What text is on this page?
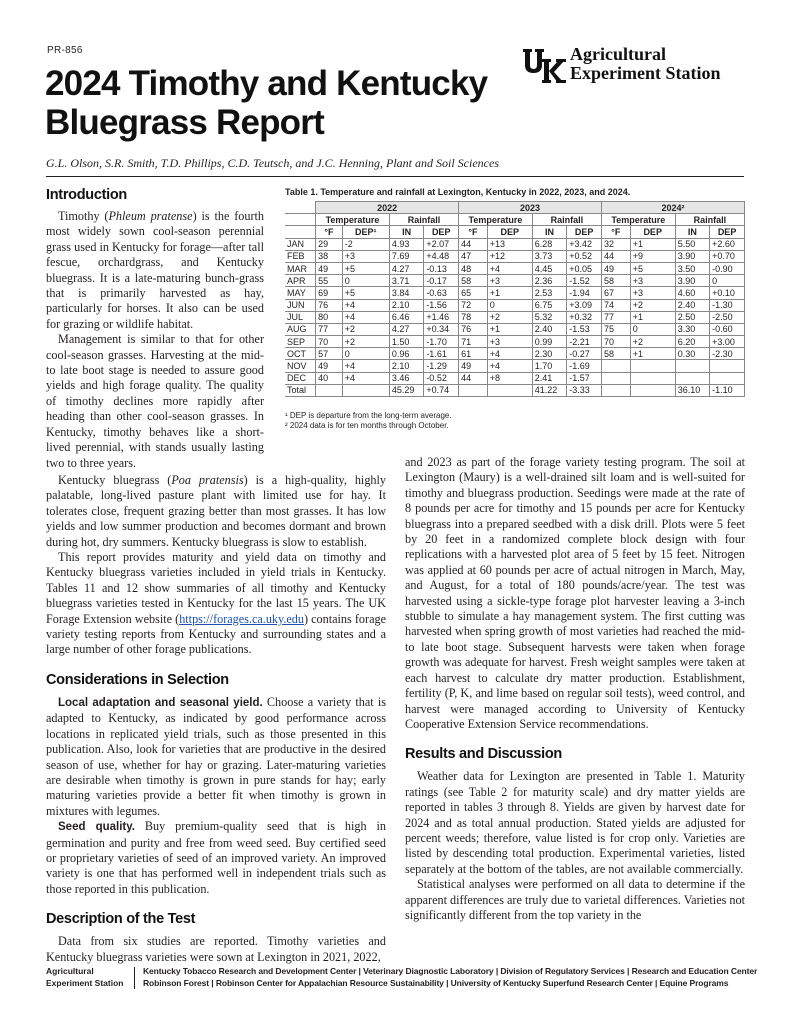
PR-856
2024 Timothy and Kentucky Bluegrass Report
Agricultural
Experiment Station
G.L. Olson, S.R. Smith, T.D. Phillips, C.D. Teutsch, and J.C. Henning, Plant and Soil Sciences
Introduction

Timothy (Phleum pratense) is the fourth most widely sown cool-season perennial grass used in Kentucky for forage—after tall fescue, orchardgrass, and Kentucky bluegrass. It is a late-maturing bunch-grass that is primarily harvested as hay, particularly for horses. It also can be used for grazing or wildlife habitat.

Management is similar to that for other cool-season grasses. Harvesting at the mid- to late boot stage is needed to assure good yields and high forage quality. The quality of timothy declines more rapidly after heading than other cool-season grasses. In Kentucky, timothy behaves like a short-lived perennial, with stands usually lasting two to three years.

Table 1. Temperature and rainfall at Lexington, Kentucky in 2022, 2023, and 2024.
	2022				2023				2024²			
	Temperature		Rainfall		Temperature		Rainfall		Temperature		Rainfall	
	°F	DEP¹	IN	DEP	°F	DEP	IN	DEP	°F	DEP	IN	DEP
JAN	29	-2	4.93	+2.07	44	+13	6.28	+3.42	32	+1	5.50	+2.60
FEB	38	+3	7.69	+4.48	47	+12	3.73	+0.52	44	+9	3.90	+0.70
MAR	49	+5	4.27	-0.13	48	+4	4.45	+0.05	49	+5	3.50	-0.90
APR	55	0	3.71	-0.17	58	+3	2.36	-1.52	58	+3	3.90	0
MAY	69	+5	3.84	-0.63	65	+1	2.53	-1.94	67	+3	4.60	+0.10
JUN	76	+4	2.10	-1.56	72	0	6.75	+3.09	74	+2	2.40	-1.30
JUL	80	+4	6.46	+1.46	78	+2	5.32	+0.32	77	+1	2.50	-2.50
AUG	77	+2	4.27	+0.34	76	+1	2.40	-1.53	75	0	3.30	-0.60
SEP	70	+2	1.50	-1.70	71	+3	0.99	-2.21	70	+2	6.20	+3.00
OCT	57	0	0.96	-1.61	61	+4	2.30	-0.27	58	+1	0.30	-2.30
NOV	49	+4	2.10	-1.29	49	+4	1.70	-1.69				
DEC	40	+4	3.46	-0.52	44	+8	2.41	-1.57				
Total			45.29	+0.74			41.22	-3.33			36.10	-1.10
¹ DEP is departure from the long-term average.
² 2024 data is for ten months through October.

Kentucky bluegrass (Poa pratensis) is a high-quality, highly palatable, long-lived pasture plant with limited use for hay. It tolerates close, frequent grazing better than most grasses. It has low yields and low summer production and becomes dormant and brown during hot, dry summers. Kentucky bluegrass is slow to establish.

This report provides maturity and yield data on timothy and Kentucky bluegrass varieties included in yield trials in Kentucky. Tables 11 and 12 show summaries of all timothy and Kentucky bluegrass varieties tested in Kentucky for the last 15 years. The UK Forage Extension website (https://forages.ca.uky.edu) contains forage variety testing reports from Kentucky and surrounding states and a large number of other forage publications.

Considerations in Selection

Local adaptation and seasonal yield. Choose a variety that is adapted to Kentucky, as indicated by good performance across locations in replicated yield trials, such as those presented in this publication. Also, look for varieties that are productive in the desired season of use, whether for hay or grazing. Later-maturing varieties are desirable when timothy is grown in pure stands for hay; early maturing varieties provide a better fit when timothy is grown in mixtures with legumes.

Seed quality. Buy premium-quality seed that is high in germination and purity and free from weed seed. Buy certified seed or proprietary varieties of seed of an improved variety. An improved variety is one that has performed well in independent trials such as those reported in this publication.

Description of the Test

Data from six studies are reported. Timothy varieties and Kentucky bluegrass varieties were sown at Lexington in 2021, 2022,

and 2023 as part of the forage variety testing program. The soil at Lexington (Maury) is a well-drained silt loam and is well-suited for timothy and bluegrass production. Seedings were made at the rate of 8 pounds per acre for timothy and 15 pounds per acre for Kentucky bluegrass into a prepared seedbed with a disk drill. Plots were 5 feet by 20 feet in a randomized complete block design with four replications with a harvested plot area of 5 feet by 15 feet. Nitrogen was applied at 60 pounds per acre of actual nitrogen in March, May, and August, for a total of 180 pounds/acre/year. The test was harvested using a sickle-type forage plot harvester leaving a 3-inch stubble to simulate a hay management system. The first cutting was harvested when spring growth of most varieties had reached the mid- to late boot stage. Subsequent harvests were taken when forage growth was adequate for harvest. Fresh weight samples were taken at each harvest to calculate dry matter production. Establishment, fertility (P, K, and lime based on regular soil tests), weed control, and harvest were managed according to University of Kentucky Cooperative Extension Service recommendations.

Results and Discussion

Weather data for Lexington are presented in Table 1. Maturity ratings (see Table 2 for maturity scale) and dry matter yields are reported in tables 3 through 8. Yields are given by harvest date for 2024 and as total annual production. Stated yields are adjusted for percent weeds; therefore, value listed is for crop only. Varieties are listed by descending total production. Experimental varieties, listed separately at the bottom of the tables, are not available commercially.

Statistical analyses were performed on all data to determine if the apparent differences are truly due to varietal differences. Varieties not significantly different from the top variety in the

Agricultural Experiment Station
Kentucky Tobacco Research and Development Center | Veterinary Diagnostic Laboratory | Division of Regulatory Services | Research and Education Center
Robinson Forest | Robinson Center for Appalachian Resource Sustainability | University of Kentucky Superfund Research Center | Equine Programs
